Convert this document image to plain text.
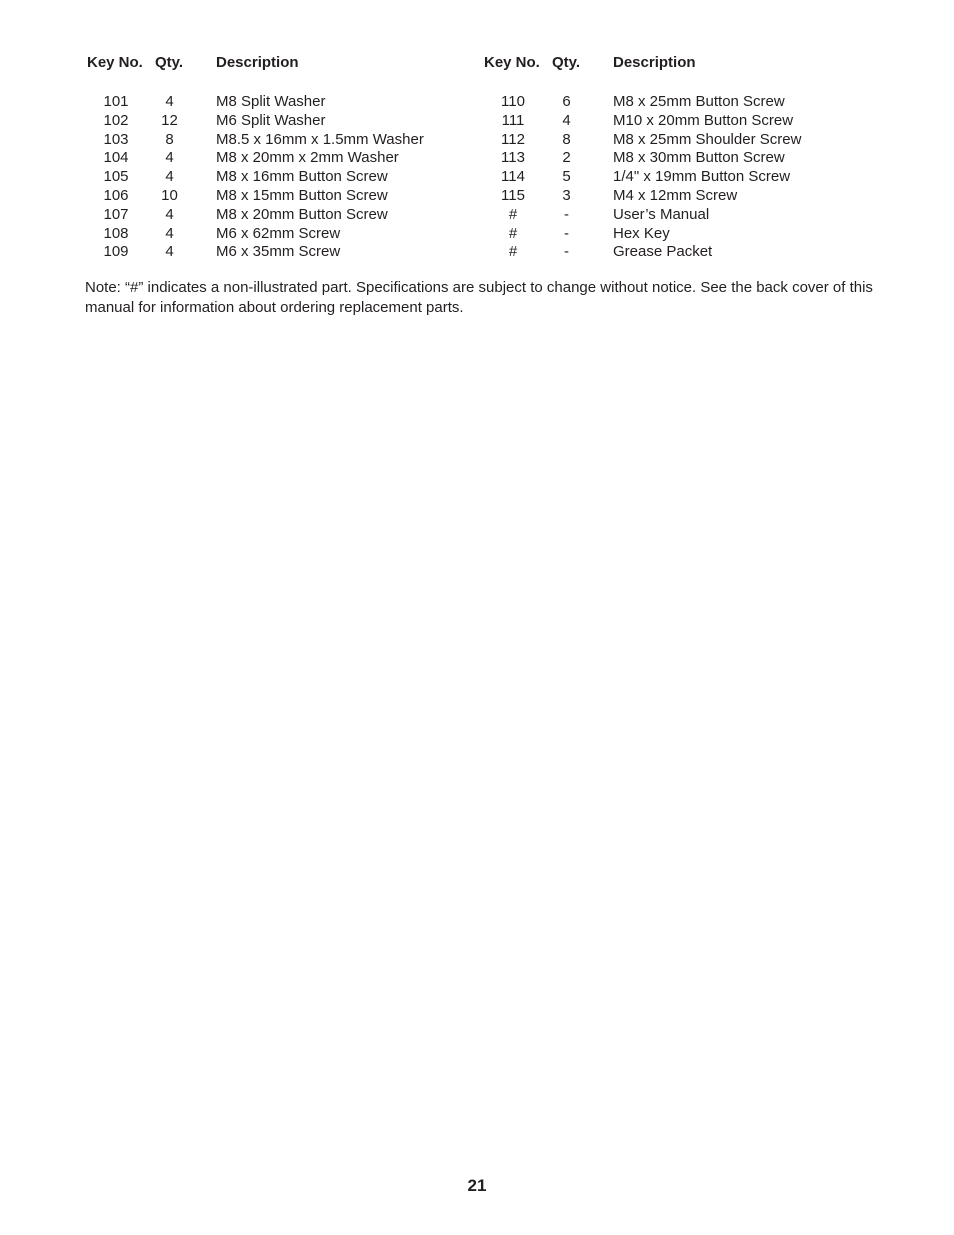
Key No. Qty. Description
101	4	M8 Split Washer
102	12	M6 Split Washer
103	8	M8.5 x 16mm x 1.5mm Washer
104	4	M8 x 20mm x 2mm Washer
105	4	M8 x 16mm Button Screw
106	10	M8 x 15mm Button Screw
107	4	M8 x 20mm Button Screw
108	4	M6 x 62mm Screw
109	4	M6 x 35mm Screw
Key No. Qty. Description
110	6	M8 x 25mm Button Screw
111	4	M10 x 20mm Button Screw
112	8	M8 x 25mm Shoulder Screw
113	2	M8 x 30mm Button Screw
114	5	1/4" x 19mm Button Screw
115	3	M4 x 12mm Screw
#	-	User’s Manual
#	-	Hex Key
#	-	Grease Packet
Note: “#” indicates a non-illustrated part. Specifications are subject to change without notice. See the back cover of this manual for information about ordering replacement parts.
21
